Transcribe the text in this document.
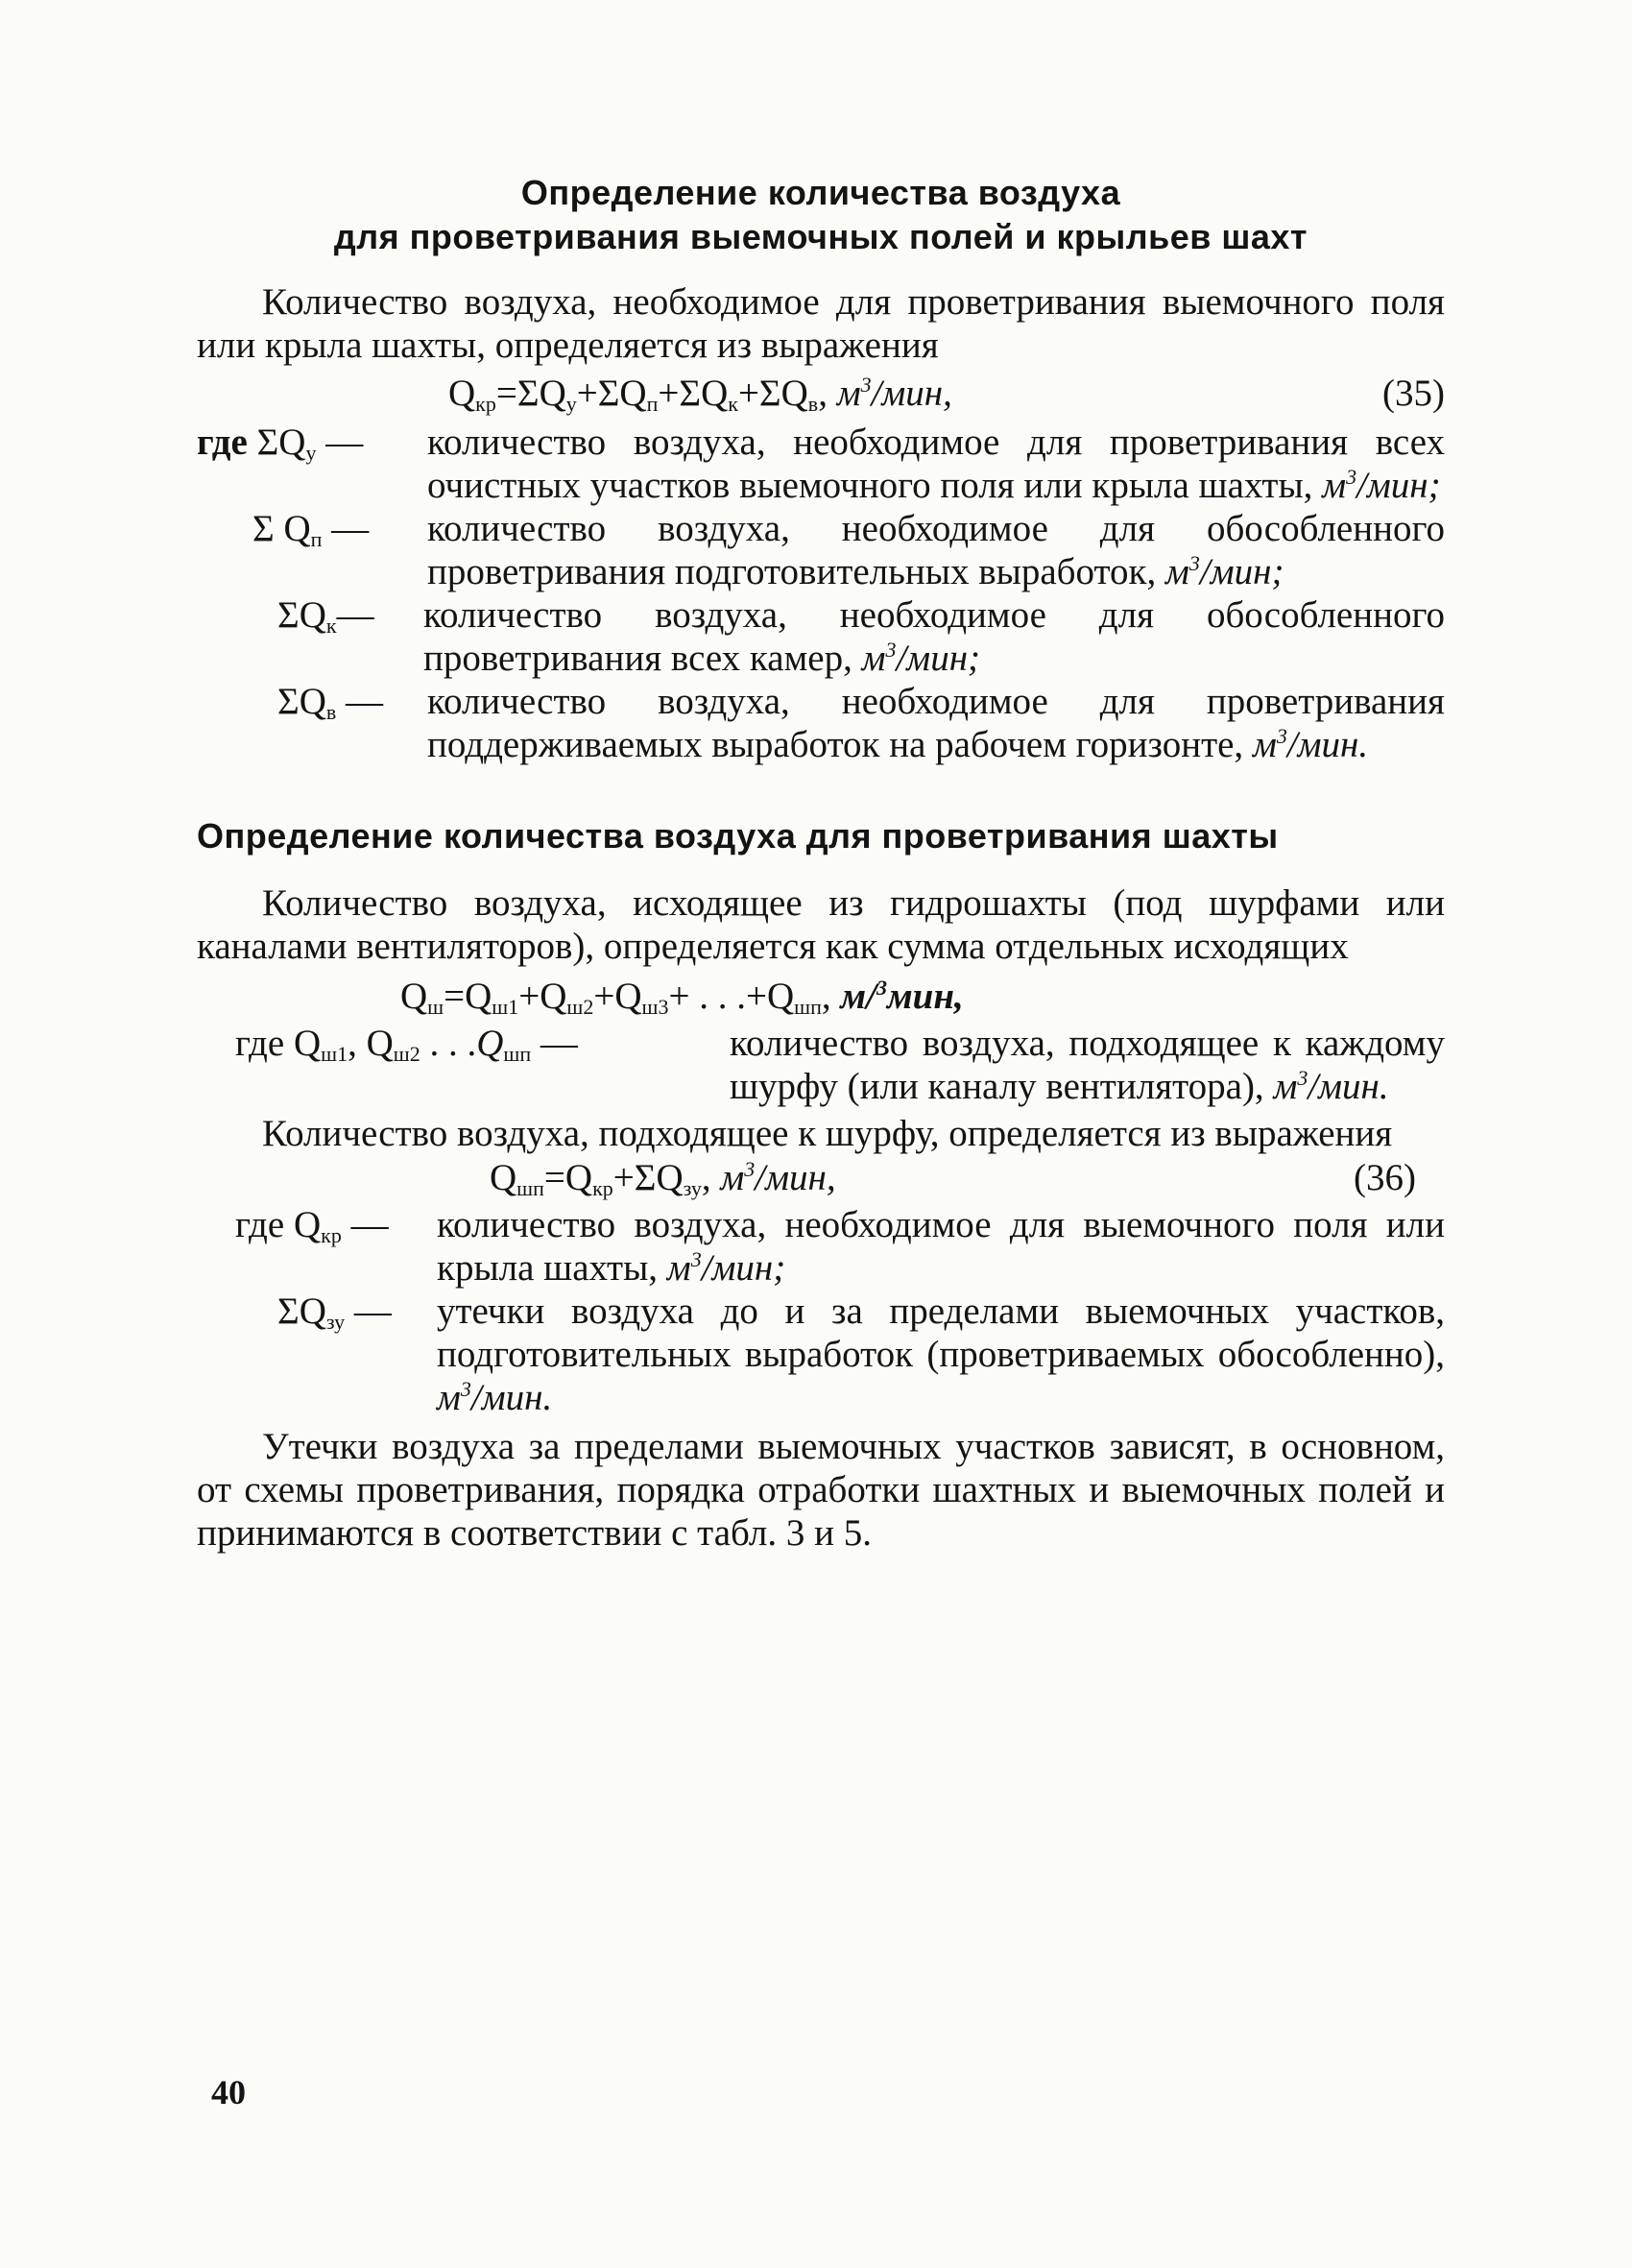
Определение количества воздуха
для проветривания выемочных полей и крыльев шахт

Количество воздуха, необходимое для проветривания выемочного поля или крыла шахты, определяется из выражения

$Q_{кр}=\Sigma Q_у+\Sigma Q_п+\Sigma Q_к+\Sigma Q_в$, $м^3$/мин,	(35)
где $\Sigma Q_у$ — количество воздуха, необходимое для проветривания всех очистных участков выемочного поля или крыла шахты, $м^3$/мин;
Σ $Q_п$ — количество воздуха, необходимое для обособленного проветривания подготовительных выработок, $м^3$/мин;
$\Sigma Q_к—$ количество воздуха, необходимое для обособленного проветривания всех камер, $м^3$/мин;
$\Sigma Q_в$ — количество воздуха, необходимое для проветривания поддерживаемых выработок на рабочем горизонте, $м^3$/мин.
Определение количества воздуха для проветривания шахты

Количество воздуха, исходящее из гидрошахты (под шурфами или каналами вентиляторов), определяется как сумма отдельных исходящих

$Q_ш=Q_{ш1}+Q_{ш2}+Q_{ш3}+$ . . $.+Q_{шп}$, м/$^3$мин,
где $Q_{ш1}$, $Q_{ш2}$ . . $.Q_{шп}$ —	количество воздуха, подходящее к каждому шурфу (или каналу вентилятора), $м^3$/мин.

Количество воздуха, подходящее к шурфу, определяется из выражения

$Q_{шп}=Q_{кр}+\Sigma Q_{зу}$, $м^3$/мин,	(36)
где $Q_{кр}$ — количество воздуха, необходимое для выемочного поля или крыла шахты, $м^3$/мин;
$\Sigma Q_{зу}$ — утечки воздуха до и за пределами выемочных участков, подготовительных выработок (проветриваемых обособленно), $м^3$/мин.

Утечки воздуха за пределами выемочных участков зависят, в основном, от схемы проветривания, порядка отработки шахтных и выемочных полей и принимаются в соответствии с табл. 3 и 5.

40
